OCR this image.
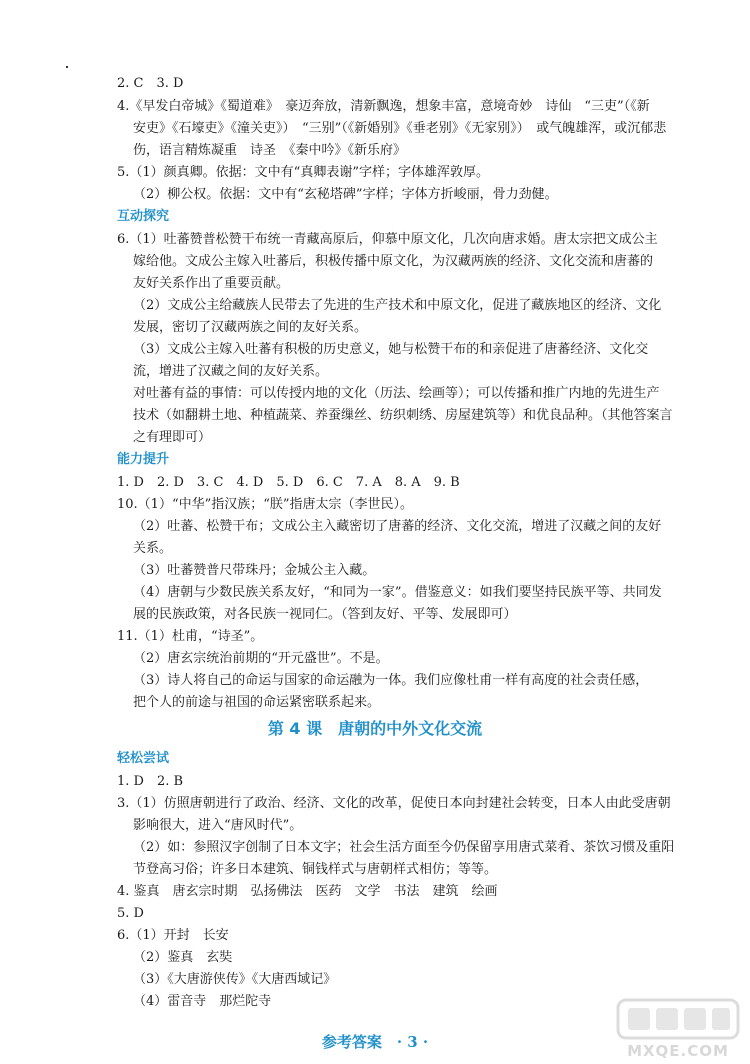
2. C　3. D

4.《早发白帝城》《蜀道难》　豪迈奔放，清新飘逸，想象丰富，意境奇妙　诗仙　“三吏”（《新

安吏》《石壕吏》《潼关吏》）　“三别”（《新婚别》《垂老别》《无家别》）　或气魄雄浑，或沉郁悲

伤，语言精炼凝重　诗圣　《秦中吟》《新乐府》

5.（1）颜真卿。依据：文中有“真卿表谢”字样；字体雄浑敦厚。

（2）柳公权。依据：文中有“玄秘塔碑”字样；字体方折峻丽，骨力劲健。

互动探究

6.（1）吐蕃赞普松赞干布统一青藏高原后，仰慕中原文化，几次向唐求婚。唐太宗把文成公主

嫁给他。文成公主嫁入吐蕃后，积极传播中原文化，为汉藏两族的经济、文化交流和唐蕃的

友好关系作出了重要贡献。

（2）文成公主给藏族人民带去了先进的生产技术和中原文化，促进了藏族地区的经济、文化

发展，密切了汉藏两族之间的友好关系。

（3）文成公主嫁入吐蕃有积极的历史意义，她与松赞干布的和亲促进了唐蕃经济、文化交

流，增进了汉藏之间的友好关系。

对吐蕃有益的事情：可以传授内地的文化（历法、绘画等）；可以传播和推广内地的先进生产

技术（如翻耕土地、种植蔬菜、养蚕缫丝、纺织刺绣、房屋建筑等）和优良品种。（其他答案言

之有理即可）

能力提升

1. D　2. D　3. C　4. D　5. D　6. C　7. A　8. A　9. B

10.（1）“中华”指汉族；“朕”指唐太宗（李世民）。

（2）吐蕃、松赞干布；文成公主入藏密切了唐蕃的经济、文化交流，增进了汉藏之间的友好

关系。

（3）吐蕃赞普尺带珠丹；金城公主入藏。

（4）唐朝与少数民族关系友好，“和同为一家”。借鉴意义：如我们要坚持民族平等、共同发

展的民族政策，对各民族一视同仁。（答到友好、平等、发展即可）

11.（1）杜甫，“诗圣”。

（2）唐玄宗统治前期的“开元盛世”。不是。

（3）诗人将自己的命运与国家的命运融为一体。我们应像杜甫一样有高度的社会责任感，

把个人的前途与祖国的命运紧密联系起来。

第 4 课　唐朝的中外文化交流

轻松尝试

1. D　2. B

3.（1）仿照唐朝进行了政治、经济、文化的改革，促使日本向封建社会转变，日本人由此受唐朝

影响很大，进入“唐风时代”。

（2）如：参照汉字创制了日本文字；社会生活方面至今仍保留享用唐式菜肴、茶饮习惯及重阳

节登高习俗；许多日本建筑、铜钱样式与唐朝样式相仿；等等。

4. 鉴真　唐玄宗时期　弘扬佛法　医药　文学　书法　建筑　绘画

5. D

6.（1）开封　长安

（2）鉴真　玄奘

（3）《大唐游侠传》《大唐西域记》

（4）雷音寺　那烂陀寺

参考答案　· 3 ·	MXQE.COM
